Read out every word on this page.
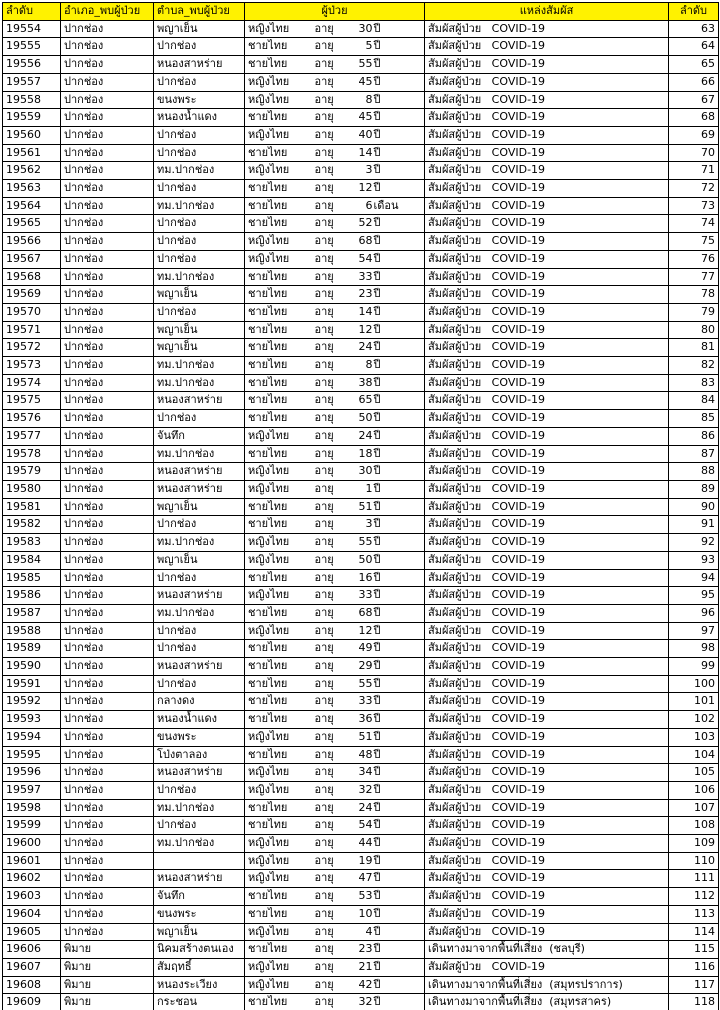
ลำดับ	อำเภอ_พบผู้ป่วย	ตำบล_พบผู้ป่วย	ผู้ป่วย			แหล่งสัมผัส	ลำดับ
19554	ปากช่อง	พญาเย็น	หญิงไทย	อายุ 30	ปี	สัมผัสผู้ป่วย   COVID-19	63
19555	ปากช่อง	ปากช่อง	ชายไทย	อายุ 5	ปี	สัมผัสผู้ป่วย   COVID-19	64
19556	ปากช่อง	หนองสาหร่าย	ชายไทย	อายุ 55	ปี	สัมผัสผู้ป่วย   COVID-19	65
19557	ปากช่อง	ปากช่อง	หญิงไทย	อายุ 45	ปี	สัมผัสผู้ป่วย   COVID-19	66
19558	ปากช่อง	ขนงพระ	หญิงไทย	อายุ 8	ปี	สัมผัสผู้ป่วย   COVID-19	67
19559	ปากช่อง	หนองน้ำแดง	ชายไทย	อายุ 45	ปี	สัมผัสผู้ป่วย   COVID-19	68
19560	ปากช่อง	ปากช่อง	หญิงไทย	อายุ 40	ปี	สัมผัสผู้ป่วย   COVID-19	69
19561	ปากช่อง	ปากช่อง	ชายไทย	อายุ 14	ปี	สัมผัสผู้ป่วย   COVID-19	70
19562	ปากช่อง	ทม.ปากช่อง	หญิงไทย	อายุ 3	ปี	สัมผัสผู้ป่วย   COVID-19	71
19563	ปากช่อง	ปากช่อง	ชายไทย	อายุ 12	ปี	สัมผัสผู้ป่วย   COVID-19	72
19564	ปากช่อง	ทม.ปากช่อง	ชายไทย	อายุ 6	เดือน	สัมผัสผู้ป่วย   COVID-19	73
19565	ปากช่อง	ปากช่อง	ชายไทย	อายุ 52	ปี	สัมผัสผู้ป่วย   COVID-19	74
19566	ปากช่อง	ปากช่อง	หญิงไทย	อายุ 68	ปี	สัมผัสผู้ป่วย   COVID-19	75
19567	ปากช่อง	ปากช่อง	หญิงไทย	อายุ 54	ปี	สัมผัสผู้ป่วย   COVID-19	76
19568	ปากช่อง	ทม.ปากช่อง	ชายไทย	อายุ 33	ปี	สัมผัสผู้ป่วย   COVID-19	77
19569	ปากช่อง	พญาเย็น	ชายไทย	อายุ 23	ปี	สัมผัสผู้ป่วย   COVID-19	78
19570	ปากช่อง	ปากช่อง	ชายไทย	อายุ 14	ปี	สัมผัสผู้ป่วย   COVID-19	79
19571	ปากช่อง	พญาเย็น	ชายไทย	อายุ 12	ปี	สัมผัสผู้ป่วย   COVID-19	80
19572	ปากช่อง	พญาเย็น	ชายไทย	อายุ 24	ปี	สัมผัสผู้ป่วย   COVID-19	81
19573	ปากช่อง	ทม.ปากช่อง	ชายไทย	อายุ 8	ปี	สัมผัสผู้ป่วย   COVID-19	82
19574	ปากช่อง	ทม.ปากช่อง	ชายไทย	อายุ 38	ปี	สัมผัสผู้ป่วย   COVID-19	83
19575	ปากช่อง	หนองสาหร่าย	ชายไทย	อายุ 65	ปี	สัมผัสผู้ป่วย   COVID-19	84
19576	ปากช่อง	ปากช่อง	ชายไทย	อายุ 50	ปี	สัมผัสผู้ป่วย   COVID-19	85
19577	ปากช่อง	จันทึก	หญิงไทย	อายุ 24	ปี	สัมผัสผู้ป่วย   COVID-19	86
19578	ปากช่อง	ทม.ปากช่อง	ชายไทย	อายุ 18	ปี	สัมผัสผู้ป่วย   COVID-19	87
19579	ปากช่อง	หนองสาหร่าย	หญิงไทย	อายุ 30	ปี	สัมผัสผู้ป่วย   COVID-19	88
19580	ปากช่อง	หนองสาหร่าย	หญิงไทย	อายุ 1	ปี	สัมผัสผู้ป่วย   COVID-19	89
19581	ปากช่อง	พญาเย็น	ชายไทย	อายุ 51	ปี	สัมผัสผู้ป่วย   COVID-19	90
19582	ปากช่อง	ปากช่อง	ชายไทย	อายุ 3	ปี	สัมผัสผู้ป่วย   COVID-19	91
19583	ปากช่อง	ทม.ปากช่อง	หญิงไทย	อายุ 55	ปี	สัมผัสผู้ป่วย   COVID-19	92
19584	ปากช่อง	พญาเย็น	หญิงไทย	อายุ 50	ปี	สัมผัสผู้ป่วย   COVID-19	93
19585	ปากช่อง	ปากช่อง	ชายไทย	อายุ 16	ปี	สัมผัสผู้ป่วย   COVID-19	94
19586	ปากช่อง	หนองสาหร่าย	หญิงไทย	อายุ 33	ปี	สัมผัสผู้ป่วย   COVID-19	95
19587	ปากช่อง	ทม.ปากช่อง	ชายไทย	อายุ 68	ปี	สัมผัสผู้ป่วย   COVID-19	96
19588	ปากช่อง	ปากช่อง	หญิงไทย	อายุ 12	ปี	สัมผัสผู้ป่วย   COVID-19	97
19589	ปากช่อง	ปากช่อง	ชายไทย	อายุ 49	ปี	สัมผัสผู้ป่วย   COVID-19	98
19590	ปากช่อง	หนองสาหร่าย	ชายไทย	อายุ 29	ปี	สัมผัสผู้ป่วย   COVID-19	99
19591	ปากช่อง	ปากช่อง	ชายไทย	อายุ 55	ปี	สัมผัสผู้ป่วย   COVID-19	100
19592	ปากช่อง	กลางดง	ชายไทย	อายุ 33	ปี	สัมผัสผู้ป่วย   COVID-19	101
19593	ปากช่อง	หนองน้ำแดง	ชายไทย	อายุ 36	ปี	สัมผัสผู้ป่วย   COVID-19	102
19594	ปากช่อง	ขนงพระ	หญิงไทย	อายุ 51	ปี	สัมผัสผู้ป่วย   COVID-19	103
19595	ปากช่อง	โป่งตาลอง	ชายไทย	อายุ 48	ปี	สัมผัสผู้ป่วย   COVID-19	104
19596	ปากช่อง	หนองสาหร่าย	หญิงไทย	อายุ 34	ปี	สัมผัสผู้ป่วย   COVID-19	105
19597	ปากช่อง	ปากช่อง	หญิงไทย	อายุ 32	ปี	สัมผัสผู้ป่วย   COVID-19	106
19598	ปากช่อง	ทม.ปากช่อง	ชายไทย	อายุ 24	ปี	สัมผัสผู้ป่วย   COVID-19	107
19599	ปากช่อง	ปากช่อง	ชายไทย	อายุ 54	ปี	สัมผัสผู้ป่วย   COVID-19	108
19600	ปากช่อง	ทม.ปากช่อง	หญิงไทย	อายุ 44	ปี	สัมผัสผู้ป่วย   COVID-19	109
19601	ปากช่อง		หญิงไทย	อายุ 19	ปี	สัมผัสผู้ป่วย   COVID-19	110
19602	ปากช่อง	หนองสาหร่าย	หญิงไทย	อายุ 47	ปี	สัมผัสผู้ป่วย   COVID-19	111
19603	ปากช่อง	จันทึก	ชายไทย	อายุ 53	ปี	สัมผัสผู้ป่วย   COVID-19	112
19604	ปากช่อง	ขนงพระ	ชายไทย	อายุ 10	ปี	สัมผัสผู้ป่วย   COVID-19	113
19605	ปากช่อง	พญาเย็น	หญิงไทย	อายุ 4	ปี	สัมผัสผู้ป่วย   COVID-19	114
19606	พิมาย	นิคมสร้างตนเอง	ชายไทย	อายุ 23	ปี	เดินทางมาจากพื้นที่เสี่ยง  (ชลบุรี)	115
19607	พิมาย	สัมฤทธิ์	หญิงไทย	อายุ 21	ปี	สัมผัสผู้ป่วย   COVID-19	116
19608	พิมาย	หนองระเวียง	หญิงไทย	อายุ 42	ปี	เดินทางมาจากพื้นที่เสี่ยง  (สมุทรปราการ)	117
19609	พิมาย	กระชอน	ชายไทย	อายุ 32	ปี	เดินทางมาจากพื้นที่เสี่ยง  (สมุทรสาคร)	118
